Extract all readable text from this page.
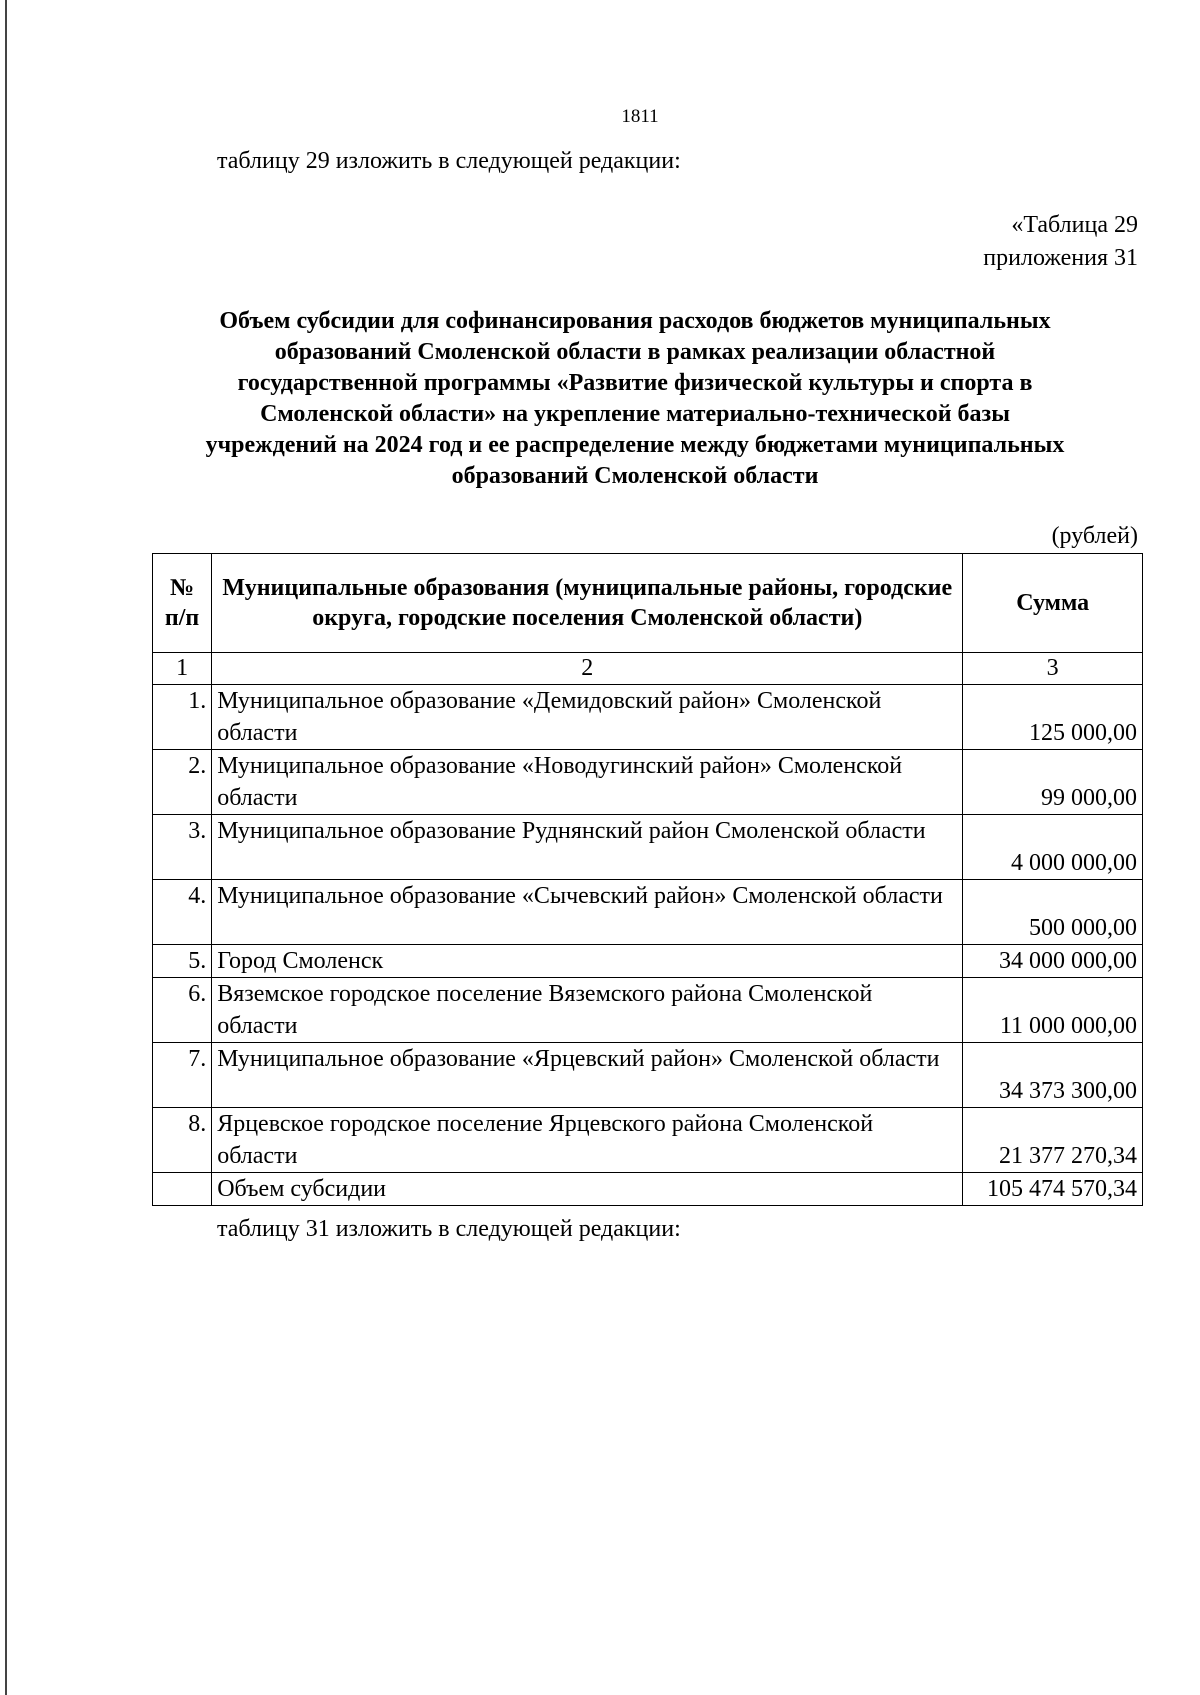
1811
таблицу 29 изложить в следующей редакции:
«Таблица 29
приложения 31
Объем субсидии для софинансирования расходов бюджетов муниципальных
образований Смоленской области в рамках реализации областной
государственной программы «Развитие физической культуры и спорта в
Смоленской области» на укрепление материально-технической базы
учреждений на 2024 год и ее распределение между бюджетами муниципальных
образований Смоленской области
(рублей)
№ п/п	Муниципальные образования (муниципальные районы, городские округа, городские поселения Смоленской области)	Сумма
1	2	3
1.	Муниципальное образование «Демидовский район» Смоленской области	125 000,00
2.	Муниципальное образование «Новодугинский район» Смоленской области	99 000,00
3.	Муниципальное образование Руднянский район Смоленской области	4 000 000,00
4.	Муниципальное образование «Сычевский район» Смоленской области	500 000,00
5.	Город Смоленск	34 000 000,00
6.	Вяземское городское поселение Вяземского района Смоленской области	11 000 000,00
7.	Муниципальное образование «Ярцевский район» Смоленской области	34 373 300,00
8.	Ярцевское городское поселение Ярцевского района Смоленской области	21 377 270,34
	Объем субсидии	105 474 570,34
таблицу 31 изложить в следующей редакции:
